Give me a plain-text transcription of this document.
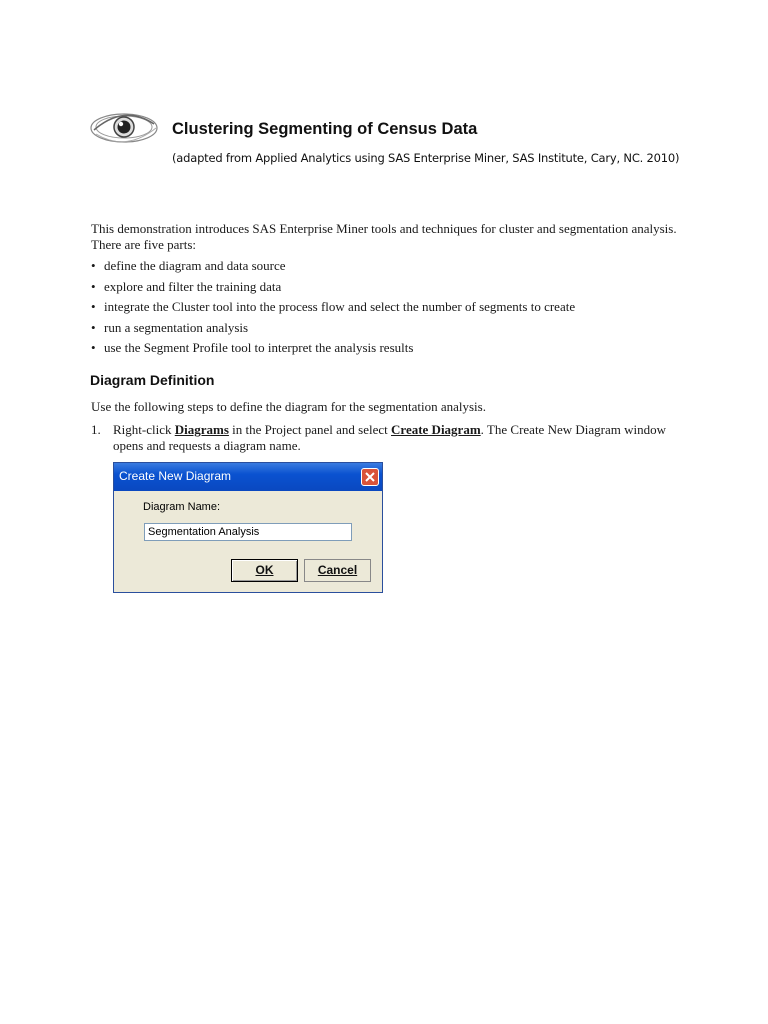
Clustering Segmenting of Census Data
(adapted from Applied Analytics using SAS Enterprise Miner, SAS Institute, Cary, NC. 2010)

This demonstration introduces SAS Enterprise Miner tools and techniques for cluster and segmentation analysis. There are five parts:

• define the diagram and data source
• explore and filter the training data
• integrate the Cluster tool into the process flow and select the number of segments to create
• run a segmentation analysis
• use the Segment Profile tool to interpret the analysis results
Diagram Definition
Use the following steps to define the diagram for the segmentation analysis.
1. Right-click Diagrams in the Project panel and select Create Diagram. The Create New Diagram window opens and requests a diagram name.
Create New Diagram
Diagram Name:
Segmentation Analysis
OK	Cancel
